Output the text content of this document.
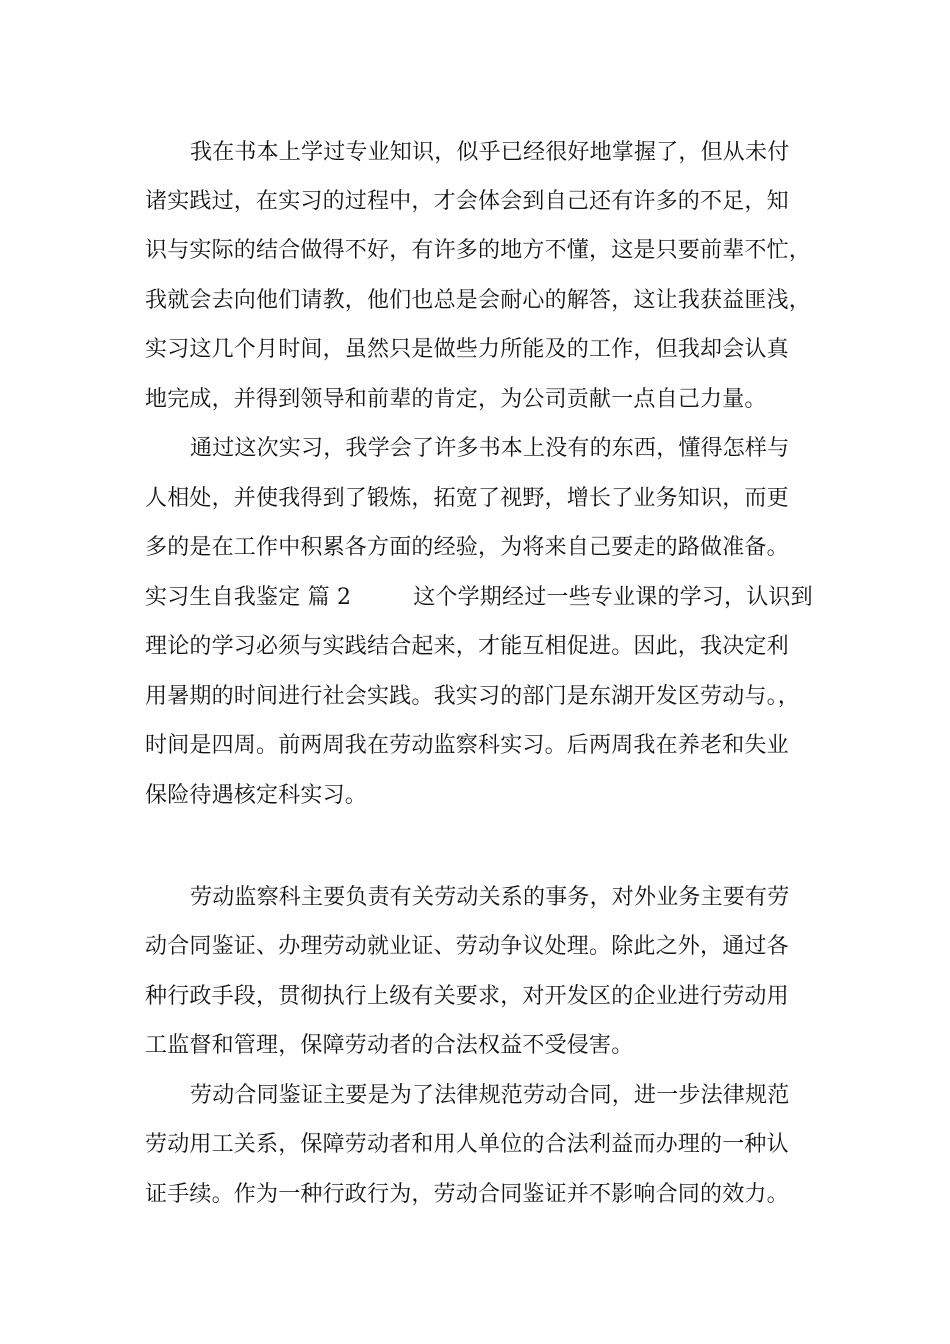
我在书本上学过专业知识，似乎已经很好地掌握了，但从未付
诸实践过，在实习的过程中，才会体会到自己还有许多的不足，知
识与实际的结合做得不好，有许多的地方不懂，这是只要前辈不忙，
我就会去向他们请教，他们也总是会耐心的解答，这让我获益匪浅，
实习这几个月时间，虽然只是做些力所能及的工作，但我却会认真
地完成，并得到领导和前辈的肯定，为公司贡献一点自己力量。
通过这次实习，我学会了许多书本上没有的东西，懂得怎样与
人相处，并使我得到了锻炼，拓宽了视野，增长了业务知识，而更
多的是在工作中积累各方面的经验，为将来自己要走的路做准备。
实习生自我鉴定 篇 2	这个学期经过一些专业课的学习，认识到
理论的学习必须与实践结合起来，才能互相促进。因此，我决定利
用暑期的时间进行社会实践。我实习的部门是东湖开发区劳动与。，
时间是四周。前两周我在劳动监察科实习。后两周我在养老和失业
保险待遇核定科实习。
劳动监察科主要负责有关劳动关系的事务，对外业务主要有劳
动合同鉴证、办理劳动就业证、劳动争议处理。除此之外，通过各
种行政手段，贯彻执行上级有关要求，对开发区的企业进行劳动用
工监督和管理，保障劳动者的合法权益不受侵害。
劳动合同鉴证主要是为了法律规范劳动合同，进一步法律规范
劳动用工关系，保障劳动者和用人单位的合法利益而办理的一种认
证手续。作为一种行政行为，劳动合同鉴证并不影响合同的效力。
